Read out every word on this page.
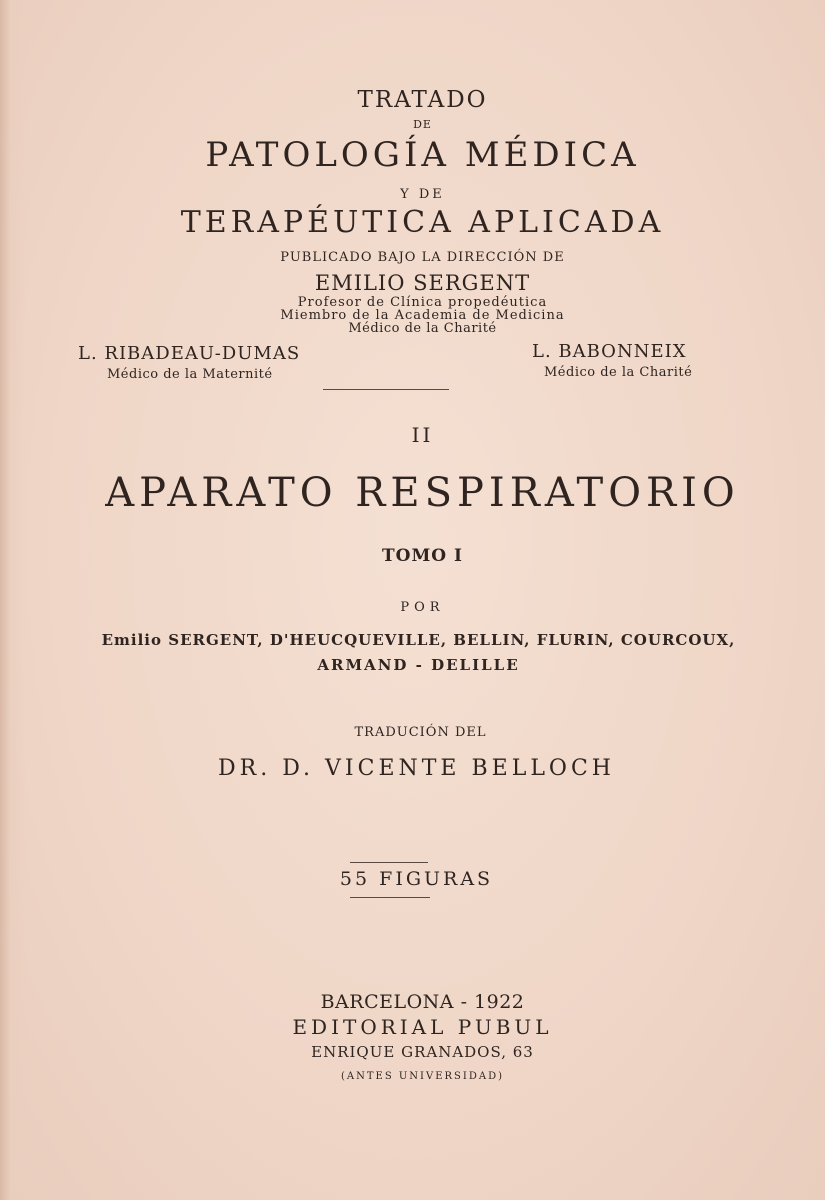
TRATADO
DE
PATOLOGÍA MÉDICA
Y DE
TERAPÉUTICA APLICADA
PUBLICADO BAJO LA DIRECCIÓN DE
EMILIO SERGENT
Profesor de Clínica propedéutica
Miembro de la Academia de Medicina
Médico de la Charité
L. RIBADEAU-DUMAS
Médico de la Maternité
L. BABONNEIX
Médico de la Charité
II
APARATO RESPIRATORIO
TOMO I
POR
Emilio SERGENT, D'HEUCQUEVILLE, BELLIN, FLURIN, COURCOUX,
ARMAND - DELILLE
TRADUCIÓN DEL
DR. D. VICENTE BELLOCH
55 FIGURAS
BARCELONA - 1922
EDITORIAL PUBUL
ENRIQUE GRANADOS, 63
(ANTES UNIVERSIDAD)
